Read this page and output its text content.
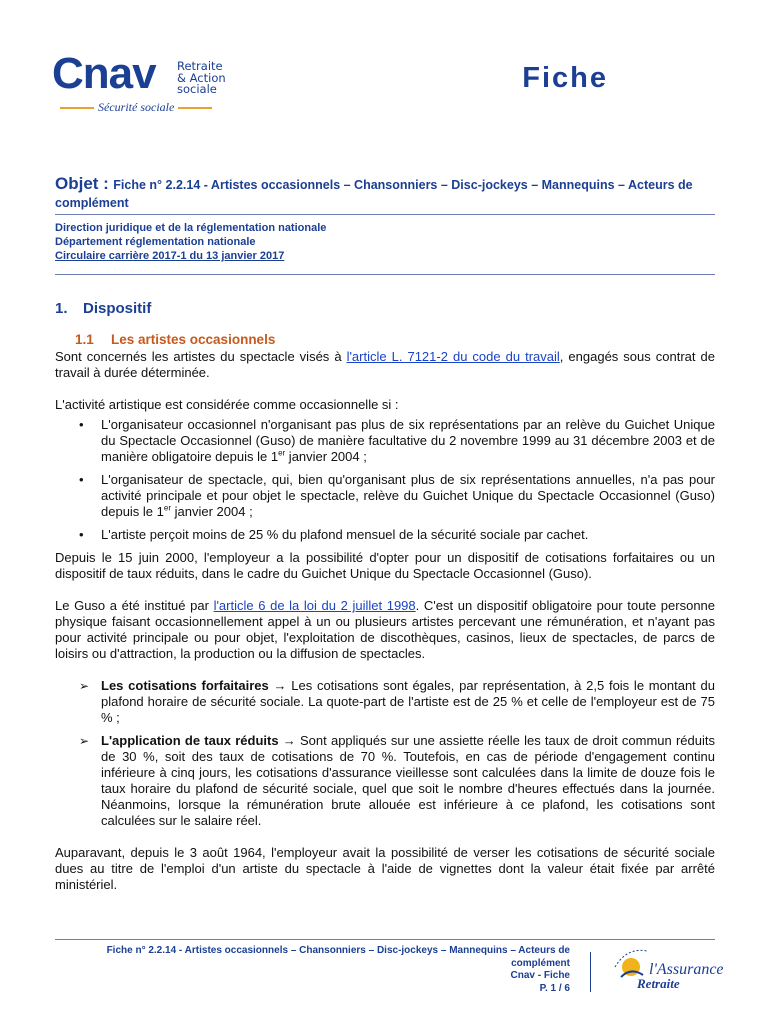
Cnav Retraite
& Action
sociale
Sécurité sociale
Fiche
Objet : Fiche n° 2.2.14 - Artistes occasionnels – Chansonniers – Disc-jockeys – Mannequins – Acteurs de complément
Direction juridique et de la réglementation nationale
Département réglementation nationale
Circulaire carrière 2017-1 du 13 janvier 2017
1. Dispositif
1.1 Les artistes occasionnels

Sont concernés les artistes du spectacle visés à l'article L. 7121-2 du code du travail, engagés sous contrat de travail à durée déterminée.

L'activité artistique est considérée comme occasionnelle si :

• L'organisateur occasionnel n'organisant pas plus de six représentations par an relève du Guichet Unique du Spectacle Occasionnel (Guso) de manière facultative du 2 novembre 1999 au 31 décembre 2003 et de manière obligatoire depuis le 1er janvier 2004 ;
• L'organisateur de spectacle, qui, bien qu'organisant plus de six représentations annuelles, n'a pas pour activité principale et pour objet le spectacle, relève du Guichet Unique du Spectacle Occasionnel (Guso) depuis le 1er janvier 2004 ;
• L'artiste perçoit moins de 25 % du plafond mensuel de la sécurité sociale par cachet.

Depuis le 15 juin 2000, l'employeur a la possibilité d'opter pour un dispositif de cotisations forfaitaires ou un dispositif de taux réduits, dans le cadre du Guichet Unique du Spectacle Occasionnel (Guso).

Le Guso a été institué par l'article 6 de la loi du 2 juillet 1998. C'est un dispositif obligatoire pour toute personne physique faisant occasionnellement appel à un ou plusieurs artistes percevant une rémunération, et n'ayant pas pour activité principale ou pour objet, l'exploitation de discothèques, casinos, lieux de spectacles, de parcs de loisirs ou d'attraction, la production ou la diffusion de spectacles.

➢ Les cotisations forfaitaires → Les cotisations sont égales, par représentation, à 2,5 fois le montant du plafond horaire de sécurité sociale. La quote-part de l'artiste est de 25 % et celle de l'employeur est de 75 % ;
➢ L'application de taux réduits → Sont appliqués sur une assiette réelle les taux de droit commun réduits de 30 %, soit des taux de cotisations de 70 %. Toutefois, en cas de période d'engagement continu inférieure à cinq jours, les cotisations d'assurance vieillesse sont calculées dans la limite de douze fois le taux horaire du plafond de sécurité sociale, quel que soit le nombre d'heures effectués dans la journée. Néanmoins, lorsque la rémunération brute allouée est inférieure à ce plafond, les cotisations sont calculées sur le salaire réel.

Auparavant, depuis le 3 août 1964, l'employeur avait la possibilité de verser les cotisations de sécurité sociale dues au titre de l'emploi d'un artiste du spectacle à l'aide de vignettes dont la valeur était fixée par arrêté ministériel.

Fiche n° 2.2.14 - Artistes occasionnels – Chansonniers – Disc-jockeys – Mannequins – Acteurs de complément
Cnav - Fiche
P. 1 / 6
l'Assurance
Retraite
